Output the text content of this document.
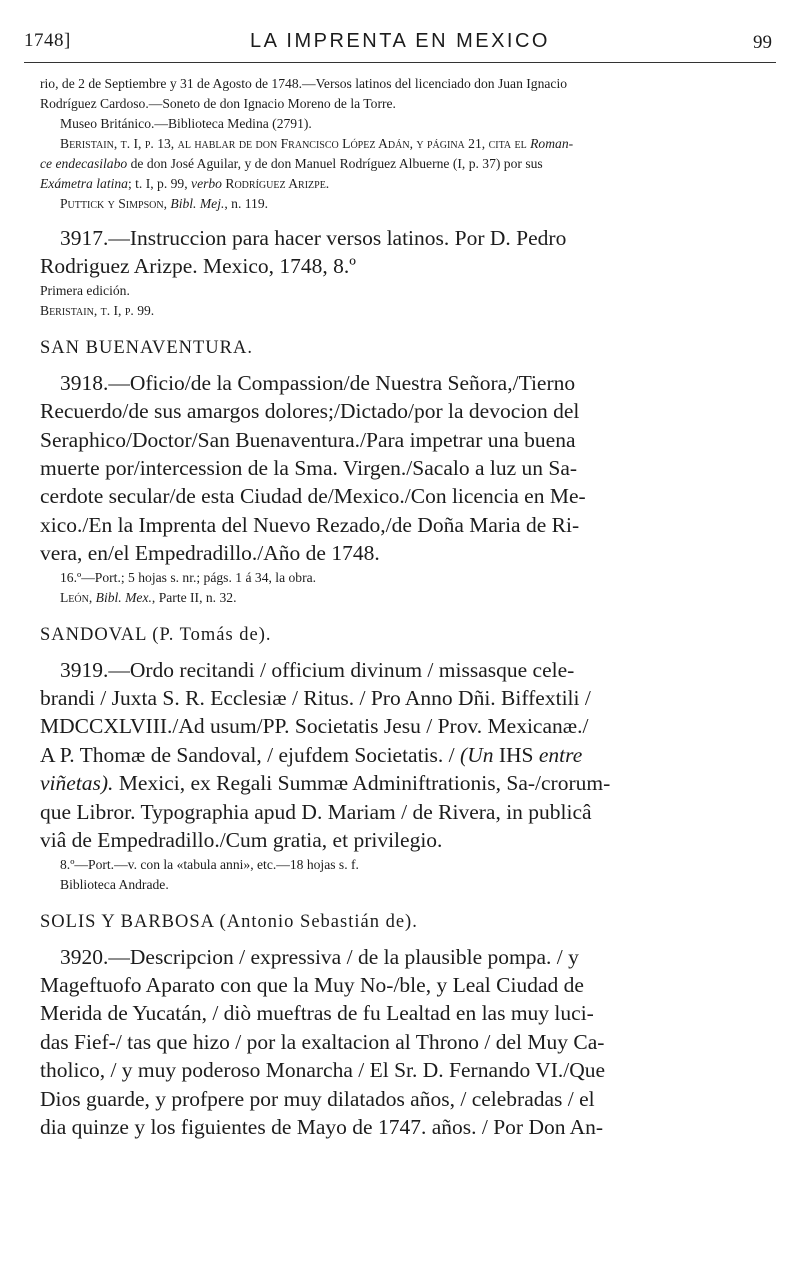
1748]	LA IMPRENTA EN MEXICO	99

rio, de 2 de Septiembre y 31 de Agosto de 1748.—Versos latinos del licenciado don Juan Ignacio

Rodríguez Cardoso.—Soneto de don Ignacio Moreno de la Torre.

Museo Británico.—Biblioteca Medina (2791).

Beristain, t. I, p. 13, al hablar de don Francisco López Adán, y página 21, cita el Roman-

ce endecasilabo de don José Aguilar, y de don Manuel Rodríguez Albuerne (I, p. 37) por sus

Exámetra latina; t. I, p. 99, verbo Rodríguez Arizpe.

Puttick y Simpson, Bibl. Mej., n. 119.

3917.—Instruccion para hacer versos latinos. Por D. Pedro

Rodriguez Arizpe. Mexico, 1748, 8.º

Primera edición.

Beristain, t. I, p. 99.

SAN BUENAVENTURA.

3918.—Oficio/de la Compassion/de Nuestra Señora,/Tierno

Recuerdo/de sus amargos dolores;/Dictado/por la devocion del

Seraphico/Doctor/San Buenaventura./Para impetrar una buena

muerte por/intercession de la Sma. Virgen./Sacalo a luz un Sa-

cerdote secular/de esta Ciudad de/Mexico./Con licencia en Me-

xico./En la Imprenta del Nuevo Rezado,/de Doña Maria de Ri-

vera, en/el Empedradillo./Año de 1748.

16.º—Port.; 5 hojas s. nr.; págs. 1 á 34, la obra.

León, Bibl. Mex., Parte II, n. 32.

SANDOVAL (P. Tomás de).

3919.—Ordo recitandi / officium divinum / missasque cele-

brandi / Juxta S. R. Ecclesiæ / Ritus. / Pro Anno Dñi. Biffextili /

MDCCXLVIII./Ad usum/PP. Societatis Jesu / Prov. Mexicanæ./

A P. Thomæ de Sandoval, / ejufdem Societatis. / (Un IHS entre

viñetas). Mexici, ex Regali Summæ Adminiftrationis, Sa-/crorum-

que Libror. Typographia apud D. Mariam / de Rivera, in publicâ

viâ de Empedradillo./Cum gratia, et privilegio.

8.º—Port.—v. con la «tabula anni», etc.—18 hojas s. f.

Biblioteca Andrade.

SOLIS Y BARBOSA (Antonio Sebastián de).

3920.—Descripcion / expressiva / de la plausible pompa. / y

Mageftuofo Aparato con que la Muy No-/ble, y Leal Ciudad de

Merida de Yucatán, / diò mueftras de fu Lealtad en las muy luci-

das Fief-/ tas que hizo / por la exaltacion al Throno / del Muy Ca-

tholico, / y muy poderoso Monarcha / El Sr. D. Fernando VI./Que

Dios guarde, y profpere por muy dilatados años, / celebradas / el

dia quinze y los figuientes de Mayo de 1747. años. / Por Don An-
